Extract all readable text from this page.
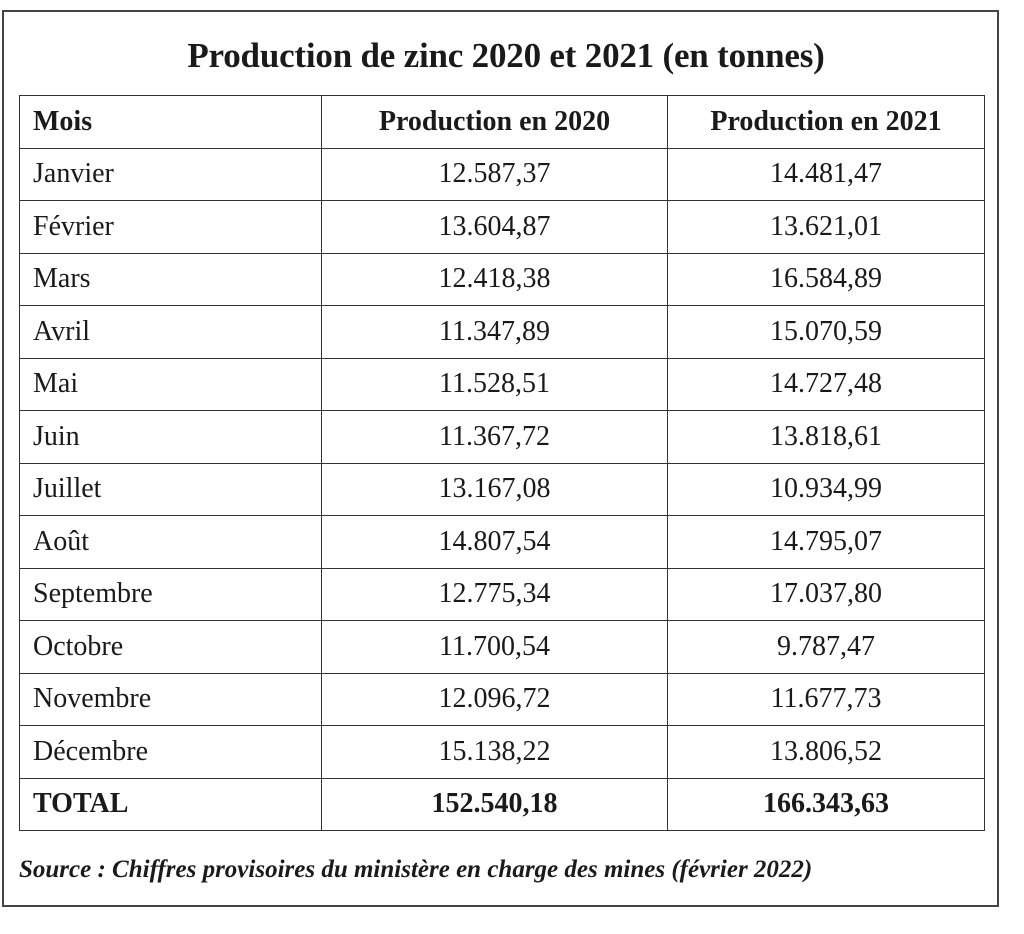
Production de zinc 2020 et 2021 (en tonnes)
Mois	Production en 2020	Production en 2021
Janvier	12.587,37	14.481,47
Février	13.604,87	13.621,01
Mars	12.418,38	16.584,89
Avril	11.347,89	15.070,59
Mai	11.528,51	14.727,48
Juin	11.367,72	13.818,61
Juillet	13.167,08	10.934,99
Août	14.807,54	14.795,07
Septembre	12.775,34	17.037,80
Octobre	11.700,54	9.787,47
Novembre	12.096,72	11.677,73
Décembre	15.138,22	13.806,52
TOTAL	152.540,18	166.343,63
Source : Chiffres provisoires du ministère en charge des mines (février 2022)
